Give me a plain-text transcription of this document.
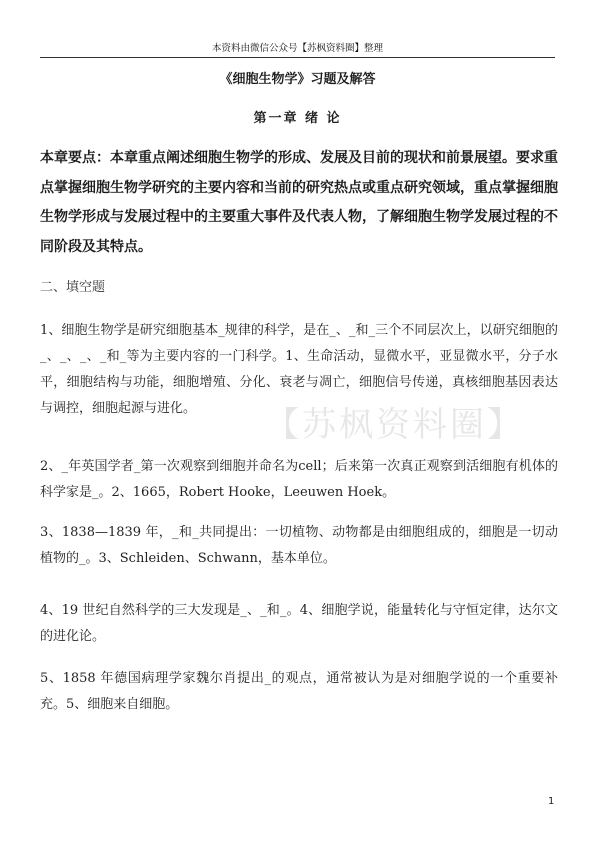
本资料由微信公众号【苏枫资料圈】整理
《细胞生物学》习题及解答
第一章 绪 论
本章要点：本章重点阐述细胞生物学的形成、发展及目前的现状和前景展望。要求重点掌握细胞生物学研究的主要内容和当前的研究热点或重点研究领域，重点掌握细胞生物学形成与发展过程中的主要重大事件及代表人物，了解细胞生物学发展过程的不同阶段及其特点。
二、填空题
【苏枫资料圈】
1、细胞生物学是研究细胞基本_规律的科学，是在_、_和_三个不同层次上，以研究细胞的_、_、_、_和_等为主要内容的一门科学。1、生命活动，显微水平，亚显微水平，分子水平，细胞结构与功能，细胞增殖、分化、衰老与凋亡，细胞信号传递，真核细胞基因表达与调控，细胞起源与进化。
2、_年英国学者_第一次观察到细胞并命名为cell；后来第一次真正观察到活细胞有机体的科学家是_。2、1665，Robert Hooke，Leeuwen Hoek。
3、1838—1839 年，_和_共同提出：一切植物、动物都是由细胞组成的，细胞是一切动植物的_。3、Schleiden、Schwann，基本单位。
4、19 世纪自然科学的三大发现是_、_和_。4、细胞学说，能量转化与守恒定律，达尔文的进化论。
5、1858 年德国病理学家魏尔肖提出_的观点，通常被认为是对细胞学说的一个重要补充。5、细胞来自细胞。
1
